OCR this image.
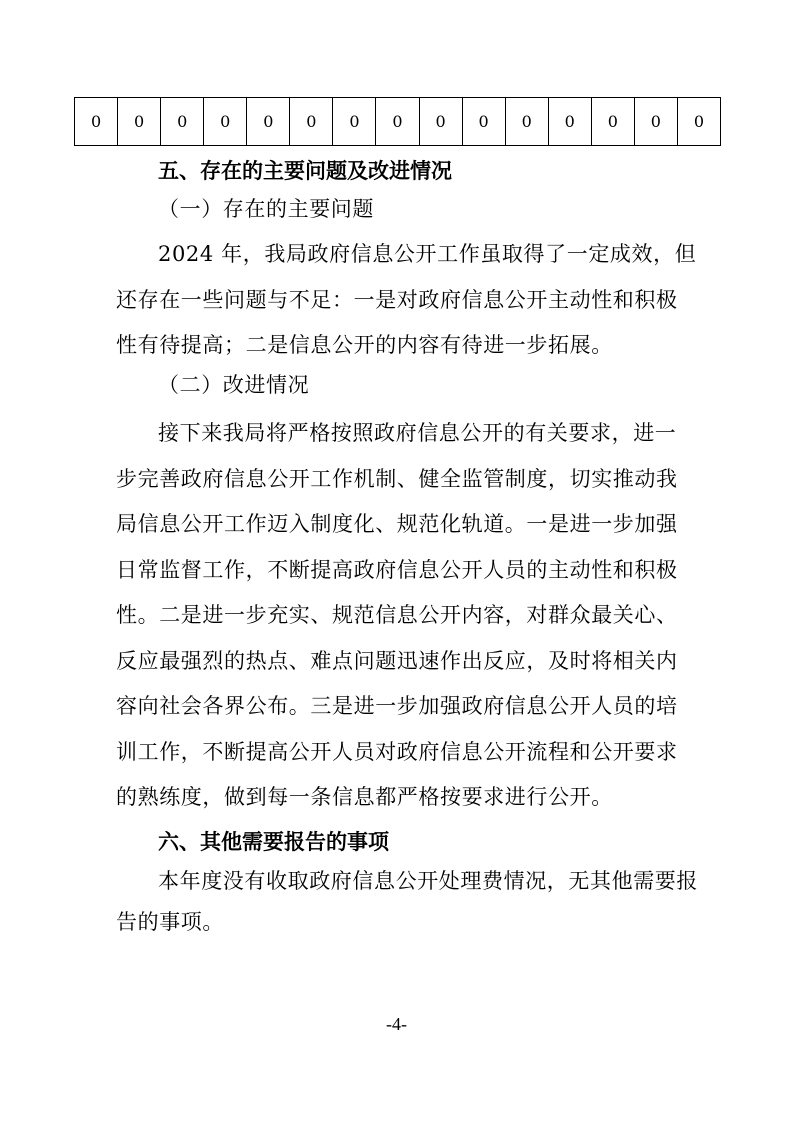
0	0	0	0	0	0	0	0	0	0	0	0	0	0	0
五、存在的主要问题及改进情况
（一）存在的主要问题
2024 年，我局政府信息公开工作虽取得了一定成效，但
还存在一些问题与不足：一是对政府信息公开主动性和积极
性有待提高；二是信息公开的内容有待进一步拓展。
（二）改进情况
接下来我局将严格按照政府信息公开的有关要求，进一
步完善政府信息公开工作机制、健全监管制度，切实推动我
局信息公开工作迈入制度化、规范化轨道。一是进一步加强
日常监督工作，不断提高政府信息公开人员的主动性和积极
性。二是进一步充实、规范信息公开内容，对群众最关心、
反应最强烈的热点、难点问题迅速作出反应，及时将相关内
容向社会各界公布。三是进一步加强政府信息公开人员的培
训工作，不断提高公开人员对政府信息公开流程和公开要求
的熟练度，做到每一条信息都严格按要求进行公开。
六、其他需要报告的事项
本年度没有收取政府信息公开处理费情况，无其他需要报
告的事项。
-4-
